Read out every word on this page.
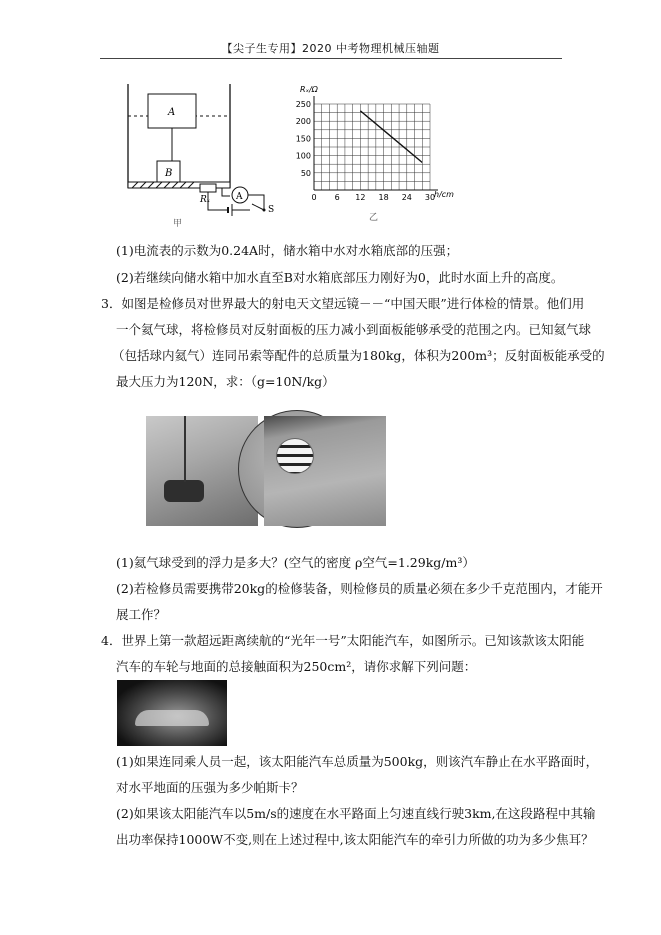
【尖子生专用】2020 中考物理机械压轴题
A
B
Rₓ	A
S
甲
0 6 12 18 24 30
50
100
150
200
250
Rₓ/Ω
h/cm
乙
(1)电流表的示数为0.24A时，储水箱中水对水箱底部的压强；
(2)若继续向储水箱中加水直至B对水箱底部压力刚好为0，此时水面上升的高度。
3．如图是检修员对世界最大的射电天文望远镜－－“中国天眼”进行体检的情景。他们用
一个氦气球，将检修员对反射面板的压力减小到面板能够承受的范围之内。已知氦气球
（包括球内氦气）连同吊索等配件的总质量为180kg，体积为200m³；反射面板能承受的
最大压力为120N，求：（g=10N/kg）
(1)氦气球受到的浮力是多大？(空气的密度 ρ空气=1.29kg/m³）
(2)若检修员需要携带20kg的检修装备，则检修员的质量必须在多少千克范围内，才能开
展工作？
4．世界上第一款超远距离续航的“光年一号”太阳能汽车，如图所示。已知该款该太阳能
汽车的车轮与地面的总接触面积为250cm²，请你求解下列问题：
(1)如果连同乘人员一起，该太阳能汽车总质量为500kg，则该汽车静止在水平路面时，
对水平地面的压强为多少帕斯卡？
(2)如果该太阳能汽车以5m/s的速度在水平路面上匀速直线行驶3km,在这段路程中其输
出功率保持1000W不变,则在上述过程中,该太阳能汽车的牵引力所做的功为多少焦耳？
